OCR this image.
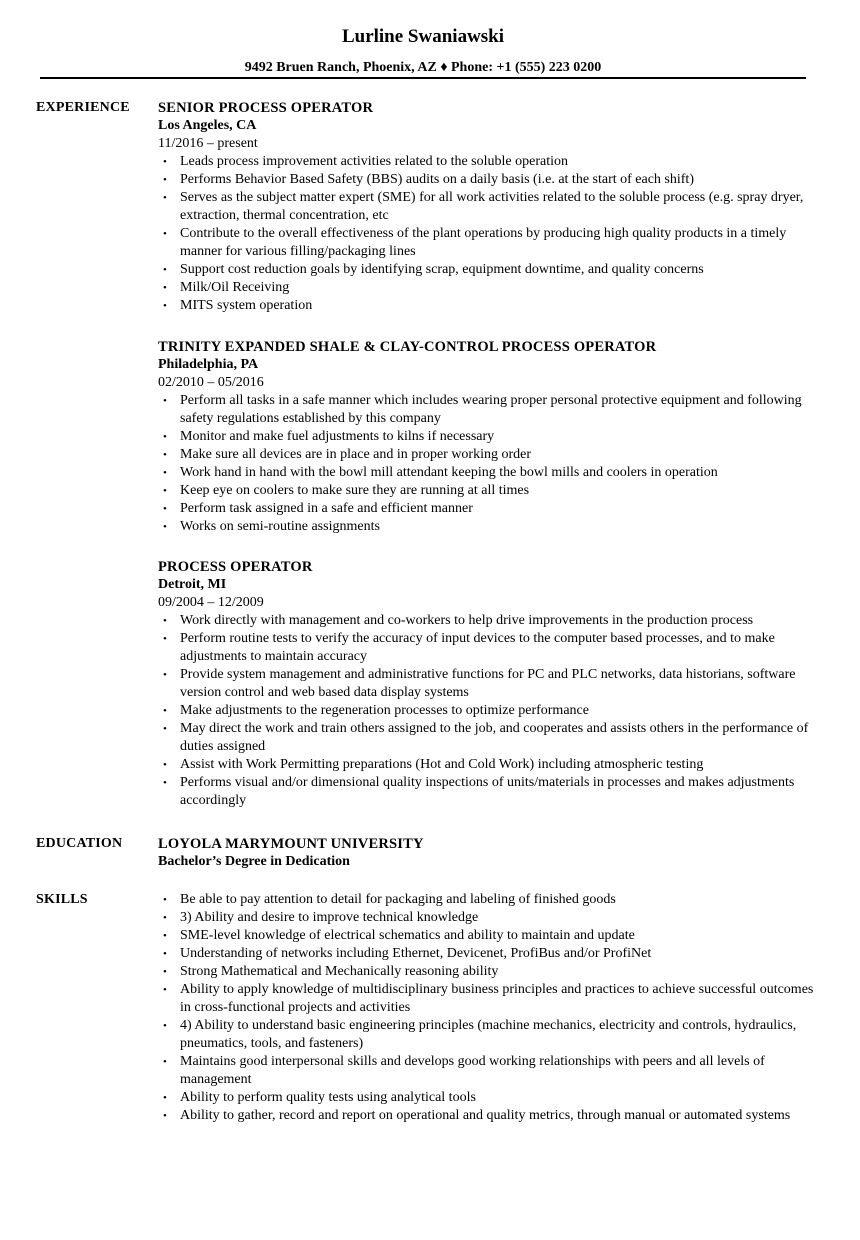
Lurline Swaniawski
9492 Bruen Ranch, Phoenix, AZ ♦ Phone: +1 (555) 223 0200
EXPERIENCE SENIOR PROCESS OPERATOR
Los Angeles, CA
11/2016 – present
• Leads process improvement activities related to the soluble operation
• Performs Behavior Based Safety (BBS) audits on a daily basis (i.e. at the start of each shift)
• Serves as the subject matter expert (SME) for all work activities related to the soluble process (e.g. spray dryer, extraction, thermal concentration, etc
• Contribute to the overall effectiveness of the plant operations by producing high quality products in a timely manner for various filling/packaging lines
• Support cost reduction goals by identifying scrap, equipment downtime, and quality concerns
• Milk/Oil Receiving
• MITS system operation
TRINITY EXPANDED SHALE & CLAY-CONTROL PROCESS OPERATOR
Philadelphia, PA
02/2010 – 05/2016
• Perform all tasks in a safe manner which includes wearing proper personal protective equipment and following safety regulations established by this company
• Monitor and make fuel adjustments to kilns if necessary
• Make sure all devices are in place and in proper working order
• Work hand in hand with the bowl mill attendant keeping the bowl mills and coolers in operation
• Keep eye on coolers to make sure they are running at all times
• Perform task assigned in a safe and efficient manner
• Works on semi-routine assignments
PROCESS OPERATOR
Detroit, MI
09/2004 – 12/2009
• Work directly with management and co-workers to help drive improvements in the production process
• Perform routine tests to verify the accuracy of input devices to the computer based processes, and to make adjustments to maintain accuracy
• Provide system management and administrative functions for PC and PLC networks, data historians, software version control and web based data display systems
• Make adjustments to the regeneration processes to optimize performance
• May direct the work and train others assigned to the job, and cooperates and assists others in the performance of duties assigned
• Assist with Work Permitting preparations (Hot and Cold Work) including atmospheric testing
• Performs visual and/or dimensional quality inspections of units/materials in processes and makes adjustments accordingly
EDUCATION LOYOLA MARYMOUNT UNIVERSITY
Bachelor’s Degree in Dedication
SKILLS	• Be able to pay attention to detail for packaging and labeling of finished goods
• 3) Ability and desire to improve technical knowledge
• SME-level knowledge of electrical schematics and ability to maintain and update
• Understanding of networks including Ethernet, Devicenet, ProfiBus and/or ProfiNet
• Strong Mathematical and Mechanically reasoning ability
• Ability to apply knowledge of multidisciplinary business principles and practices to achieve successful outcomes in cross-functional projects and activities
• 4) Ability to understand basic engineering principles (machine mechanics, electricity and controls, hydraulics, pneumatics, tools, and fasteners)
• Maintains good interpersonal skills and develops good working relationships with peers and all levels of management
• Ability to perform quality tests using analytical tools
• Ability to gather, record and report on operational and quality metrics, through manual or automated systems
